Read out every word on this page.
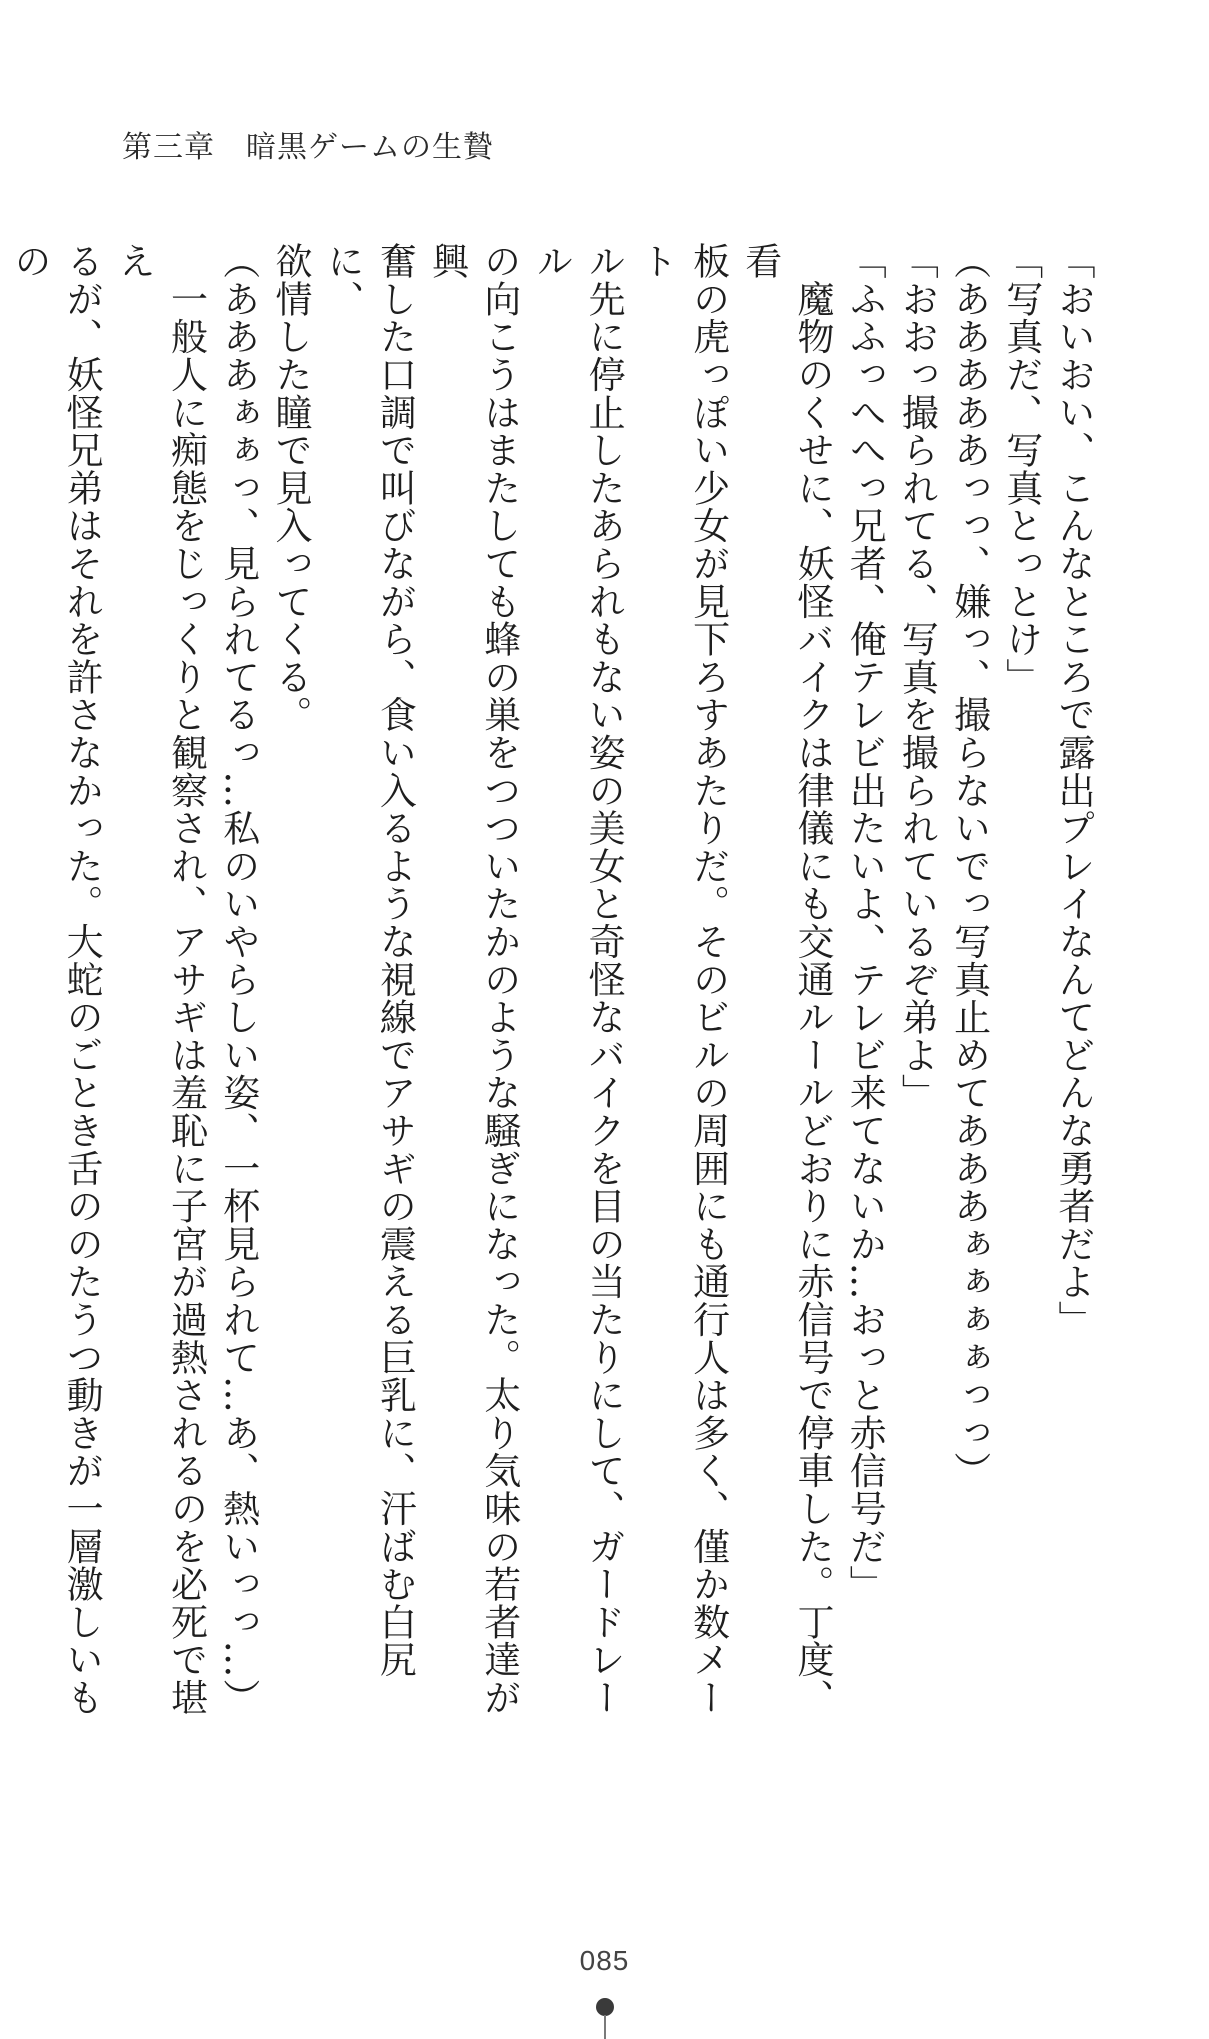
第三章　暗黒ゲームの生贄

「おいおい、こんなところで露出プレイなんてどんな勇者だよ」

「写真だ、写真とっとけ」

（あああああっっ、嫌っ、撮らないでっ写真止めてあああぁぁぁぁっっ）

「おおっ撮られてる、写真を撮られているぞ弟よ」

「ふふっへへっ兄者、俺テレビ出たいよ、テレビ来てないか…おっと赤信号だ」

　魔物のくせに、妖怪バイクは律儀にも交通ルールどおりに赤信号で停車した。丁度、看

板の虎っぽい少女が見下ろすあたりだ。そのビルの周囲にも通行人は多く、僅か数メート

ル先に停止したあられもない姿の美女と奇怪なバイクを目の当たりにして、ガードレール

の向こうはまたしても蜂の巣をつついたかのような騒ぎになった。太り気味の若者達が興

奮した口調で叫びながら、食い入るような視線でアサギの震える巨乳に、汗ばむ白尻に、

欲情した瞳で見入ってくる。

（あああぁぁっ、見られてるっ…私のいやらしい姿、一杯見られて…あ、熱いっっ…）

　一般人に痴態をじっくりと観察され、アサギは羞恥に子宮が過熱されるのを必死で堪え

るが、妖怪兄弟はそれを許さなかった。大蛇のごとき舌ののたうつ動きが一層激しいもの

085
